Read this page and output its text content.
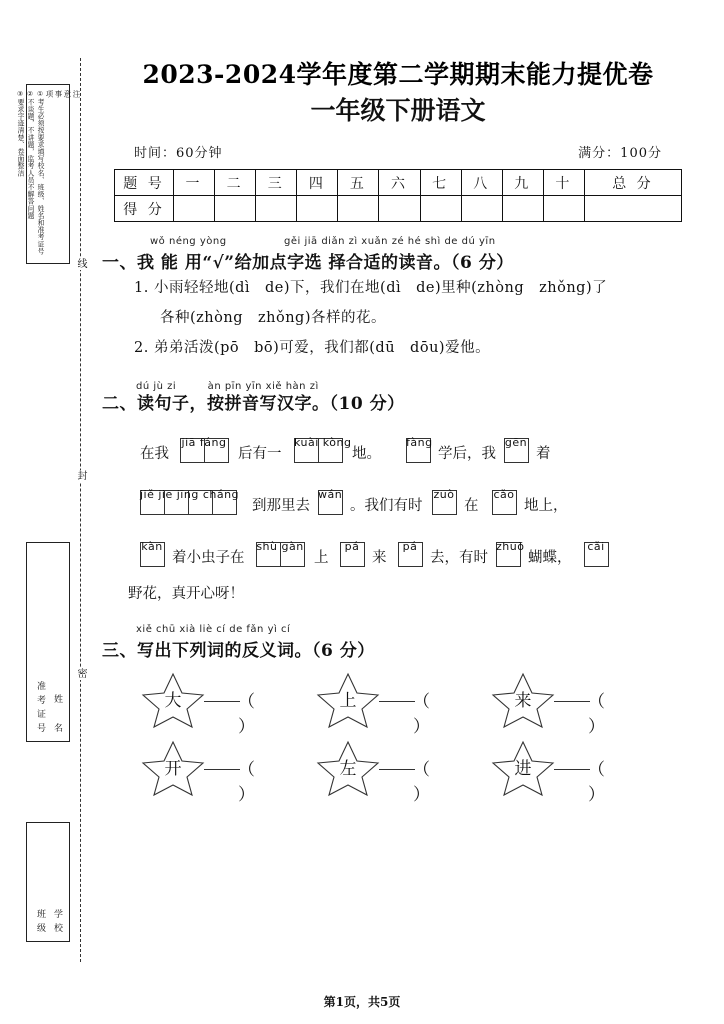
注
意
事
项
①考生必须按要求填写校名、班级、姓名和准考证号
②不谈题，不讲题，监考人员不解答问题
③要求字迹清楚、卷面整洁
姓 名
准考证号
学校
班级
线
封
密
2023-2024学年度第二学期期末能力提优卷
一年级下册语文
时间：60分钟	满分：100分
题 号	一	二	三	四	五	六	七	八	九	十	总 分
得 分											
wǒ néng yòng	gěi jiā diǎn zì xuǎn zé hé shì de dú yīn
一、我 能 用“√”给加点字选 择合适的读音。（6 分）
1. 小雨轻轻地(dì　de)下，我们在地(dì　de)里种(zhòng　zhǒng)了
各种(zhòng　zhǒng)各样的花。
2. 弟弟活泼(pō　bō)可爱，我们都(dū　dōu)爱他。
dú jù zi　　　àn pīn yīn xiě hàn zì
二、读句子，按拼音写汉字。（10 分）
在我
jiā fáng
后有一
kuài kòng
地。
fàng
学后，我
gēn
着
jiě jie jīng cháng
到那里去
wán
。我们有时
zuò
在
cǎo
地上，
kàn
着小虫子在
shù gàn
上
pá
来
pá
去，有时
zhuō
蝴蝶，
cǎi
野花，真开心呀！
xiě chū xià liè cí de fǎn yì cí
三、写出下列词的反义词。（6 分）
大	（ ）
上	（ ）
来	（ ）
开	（ ）
左	（ ）
进	（ ）
第1页，共5页
